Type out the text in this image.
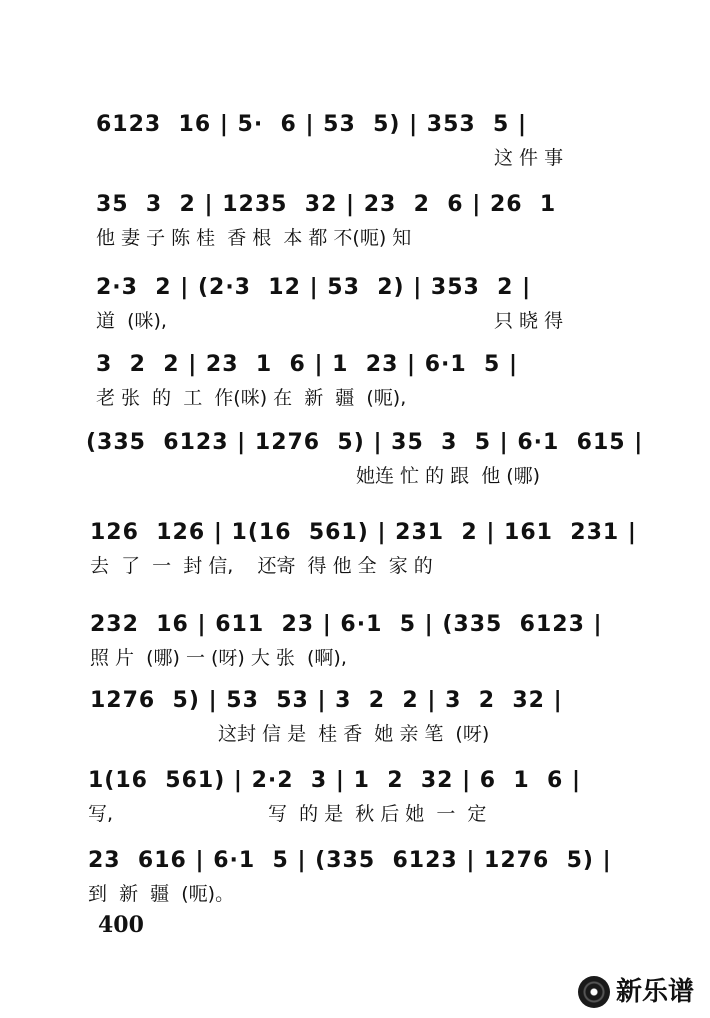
6123  16 | 5·  6 | 53  5) | 353  5 |
这 件 事
35  3  2 | 1235  32 | 23  2  6 | 26  1
他 妻 子 陈 桂  香 根  本 都 不(呃) 知
2·3  2 | (2·3  12 | 53  2) | 353  2 |
道  (咪),	只 晓 得
3  2  2 | 23  1  6 | 1  23 | 6·1  5 |
老 张  的  工  作(咪) 在  新  疆  (呃),
(335  6123 | 1276  5) | 35  3  5 | 6·1  615 |
她连 忙 的 跟  他 (哪)
126  126 | 1(16  561) | 231  2 | 161  231 |
去  了  一  封 信,    还寄  得 他 全  家 的
232  16 | 611  23 | 6·1  5 | (335  6123 |
照 片  (哪) 一 (呀) 大 张  (啊),
1276  5) | 53  53 | 3  2  2 | 3  2  32 |
这封 信 是  桂 香  她 亲 笔  (呀)
1(16  561) | 2·2  3 | 1  2  32 | 6  1  6 |
写,	写  的 是  秋 后 她  一  定
23  616 | 6·1  5 | (335  6123 | 1276  5) |
到  新  疆  (呃)。
400
新乐谱
